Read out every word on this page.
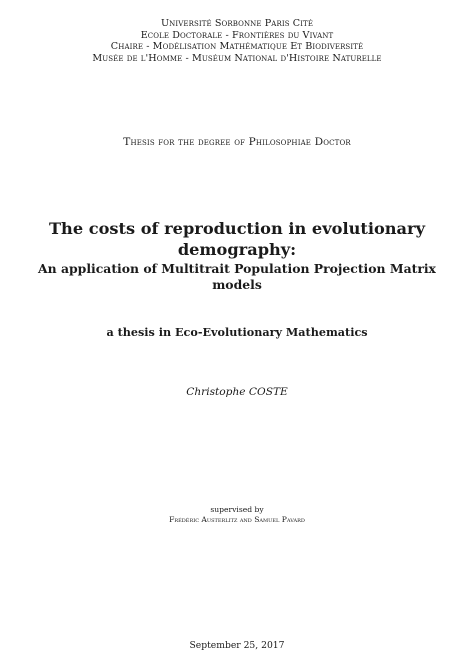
Université Sorbonne Paris Cité
Ecole Doctorale - Frontières du Vivant
Chaire - Modélisation Mathématique Et Biodiversité
Musée de l'Homme - Muséum National d'Histoire Naturelle
Thesis for the degree of Philosophiae Doctor
The costs of reproduction in evolutionary
demography:
An application of Multitrait Population Projection Matrix
models
a thesis in Eco-Evolutionary Mathematics
Christophe COSTE
supervised by
Frédéric Austerlitz and Samuel Pavard
September 25, 2017
